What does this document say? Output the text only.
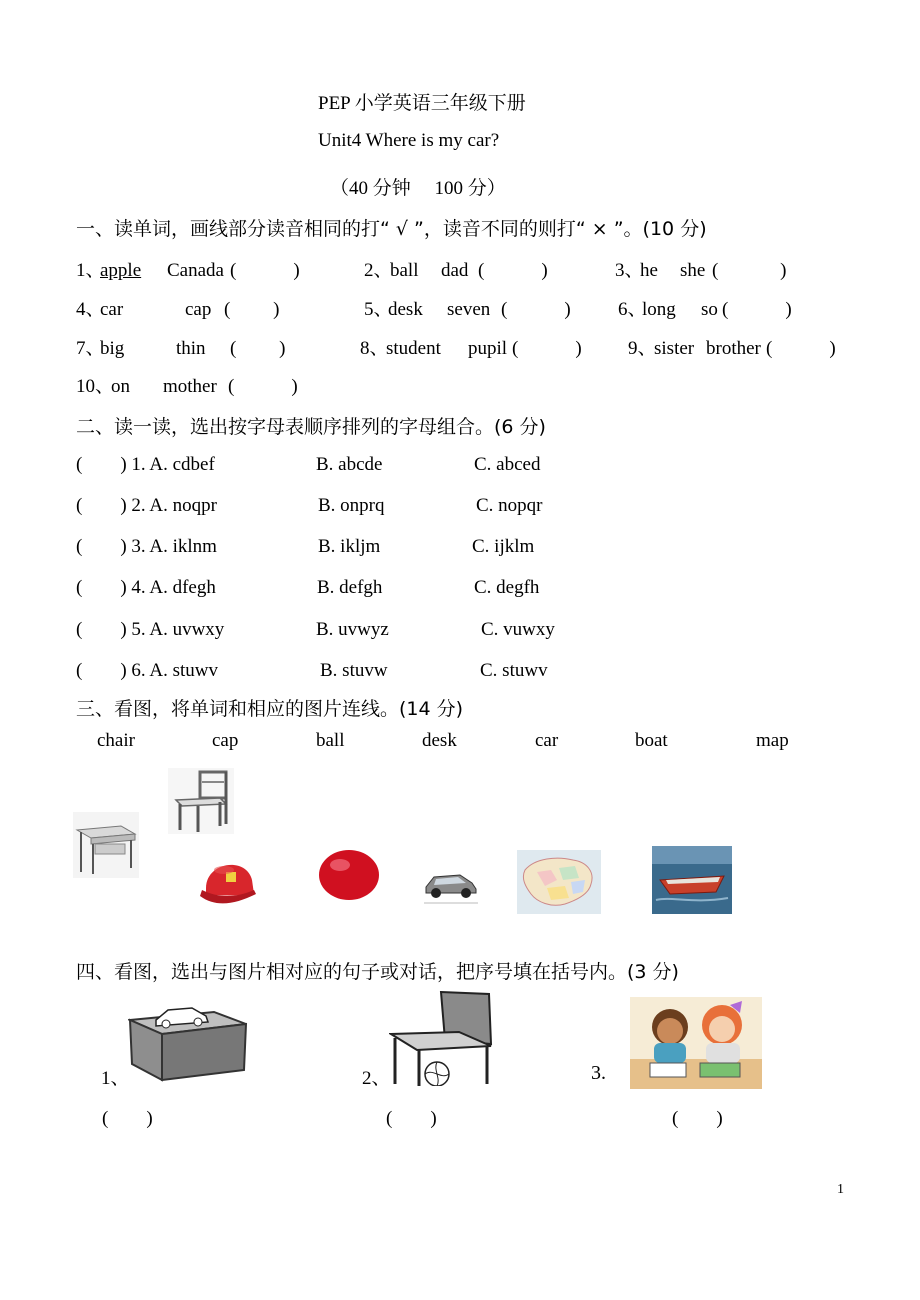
PEP 小学英语三年级下册
Unit4 Where is my car?
（40 分钟　 100 分）
一、读单词，画线部分读音相同的打“ √ ”，读音不同的则打“ × ”。(10 分)
1、
apple Canada (　　　)	2、
ball dad (　　　)	3、
he she (　　　 )
4、
car	cap (　　 )	5、
desk seven (　　　) 6、
long so (　　　)
7、
big	thin (　　 )	8、
student pupil (　　　) 9、
sister brother (　　　)
10、
on mother (　　　)
二、读一读，选出按字母表顺序排列的字母组合。(6 分)
(　　) 1. A. cdbef	B. abcde	C. abced
(　　) 2. A. noqpr	B. onprq	C. nopqr
(　　) 3. A. iklnm	B. ikljm	C. ijklm
(　　) 4. A. dfegh	B. defgh	C. degfh
(　　) 5. A. uvwxy	B. uvwyz	C. vuwxy
(　　) 6. A. stuwv	B. stuvw	C. stuwv
三、看图，将单词和相应的图片连线。(14 分)
chair	cap	ball	desk	car	boat	map
四、看图，选出与图片相对应的句子或对话，把序号填在括号内。(3 分)
1、
(　　)
2、
(　　)
3.
(　　)
1
